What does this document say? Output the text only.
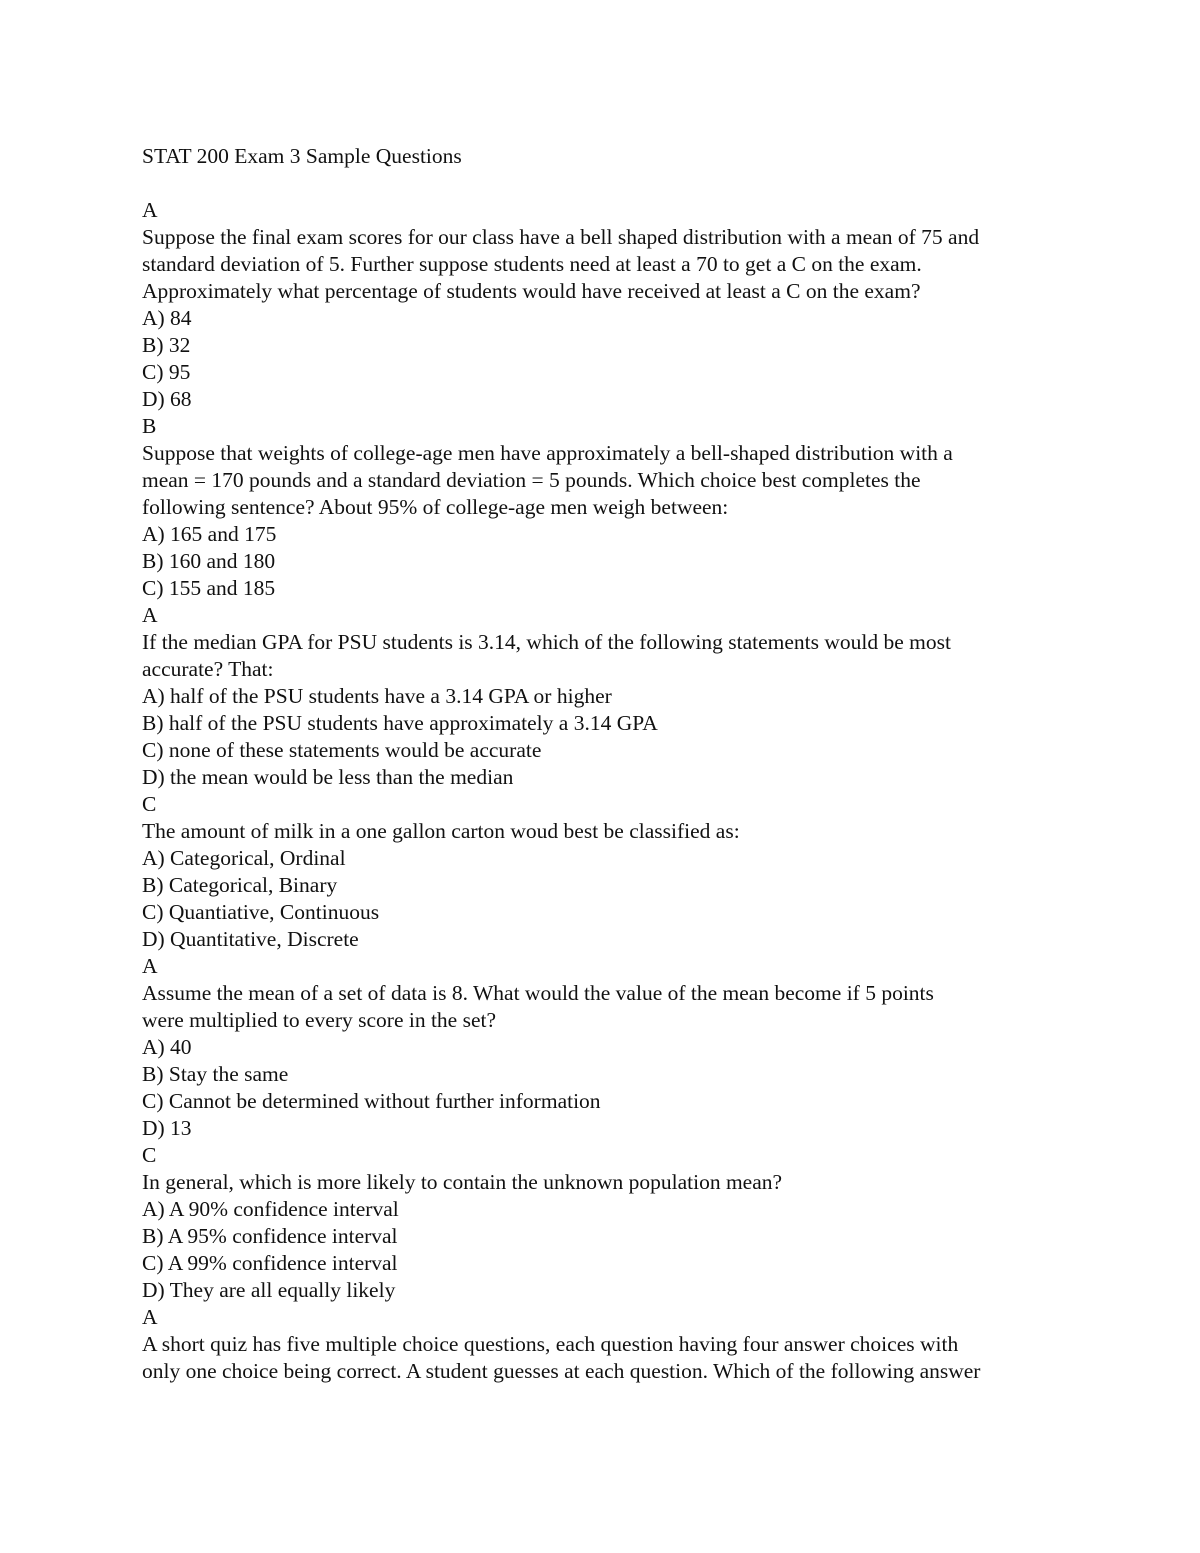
STAT 200 Exam 3 Sample Questions

A

Suppose the final exam scores for our class have a bell shaped distribution with a mean of 75 and

standard deviation of 5. Further suppose students need at least a 70 to get a C on the exam.

Approximately what percentage of students would have received at least a C on the exam?

A) 84

B) 32

C) 95

D) 68

B

Suppose that weights of college-age men have approximately a bell-shaped distribution with a

mean = 170 pounds and a standard deviation = 5 pounds. Which choice best completes the

following sentence? About 95% of college-age men weigh between:

A) 165 and 175

B) 160 and 180

C) 155 and 185

A

If the median GPA for PSU students is 3.14, which of the following statements would be most

accurate? That:

A) half of the PSU students have a 3.14 GPA or higher

B) half of the PSU students have approximately a 3.14 GPA

C) none of these statements would be accurate

D) the mean would be less than the median

C

The amount of milk in a one gallon carton woud best be classified as:

A) Categorical, Ordinal

B) Categorical, Binary

C) Quantiative, Continuous

D) Quantitative, Discrete

A

Assume the mean of a set of data is 8. What would the value of the mean become if 5 points

were multiplied to every score in the set?

A) 40

B) Stay the same

C) Cannot be determined without further information

D) 13

C

In general, which is more likely to contain the unknown population mean?

A) A 90% confidence interval

B) A 95% confidence interval

C) A 99% confidence interval

D) They are all equally likely

A

A short quiz has five multiple choice questions, each question having four answer choices with

only one choice being correct. A student guesses at each question. Which of the following answer
